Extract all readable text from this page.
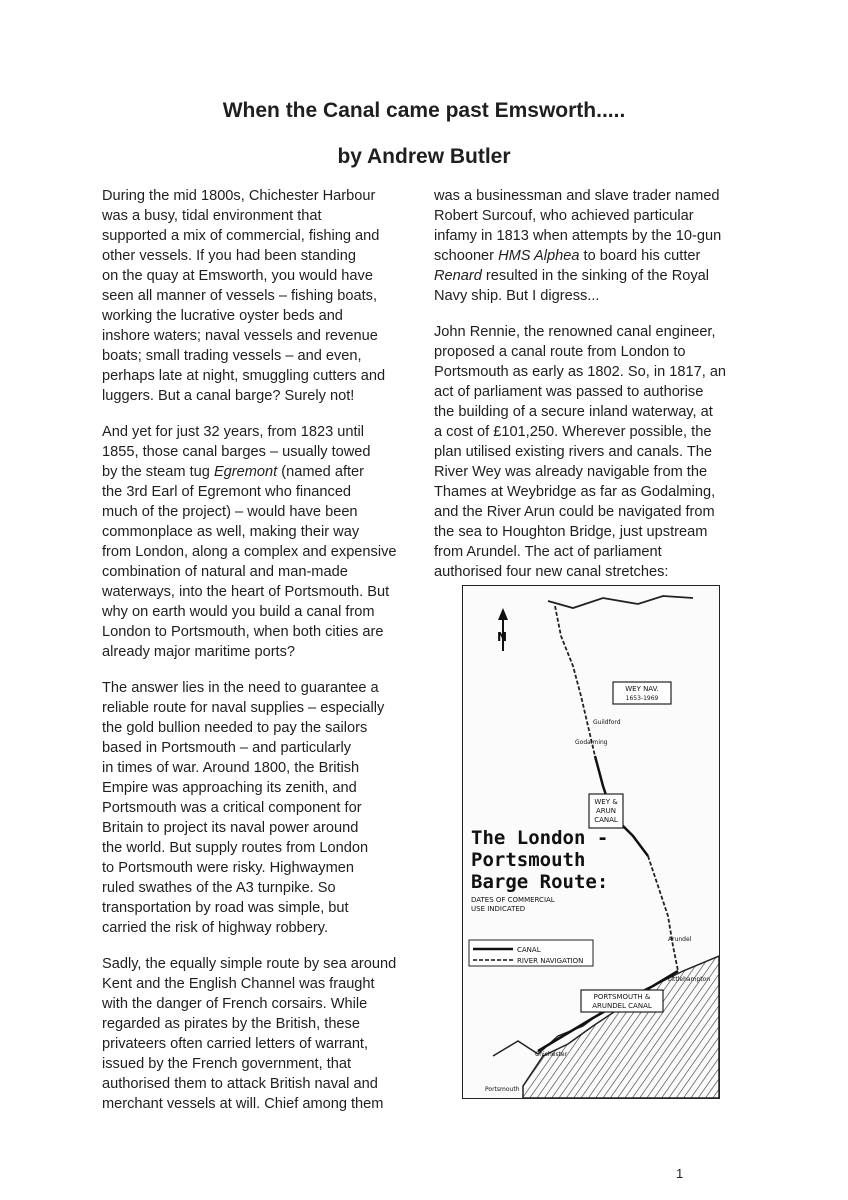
When the Canal came past Emsworth.....
by Andrew Butler

During the mid 1800s, Chichester Harbour
was a busy, tidal environment that
supported a mix of commercial, fishing and
other vessels. If you had been standing
on the quay at Emsworth, you would have
seen all manner of vessels – fishing boats,
working the lucrative oyster beds and
inshore waters; naval vessels and revenue
boats; small trading vessels – and even,
perhaps late at night, smuggling cutters and
luggers. But a canal barge? Surely not!

And yet for just 32 years, from 1823 until
1855, those canal barges – usually towed
by the steam tug Egremont (named after
the 3rd Earl of Egremont who financed
much of the project) – would have been
commonplace as well, making their way
from London, along a complex and expensive
combination of natural and man-made
waterways, into the heart of Portsmouth. But
why on earth would you build a canal from
London to Portsmouth, when both cities are
already major maritime ports?

The answer lies in the need to guarantee a
reliable route for naval supplies – especially
the gold bullion needed to pay the sailors
based in Portsmouth – and particularly
in times of war. Around 1800, the British
Empire was approaching its zenith, and
Portsmouth was a critical component for
Britain to project its naval power around
the world. But supply routes from London
to Portsmouth were risky. Highwaymen
ruled swathes of the A3 turnpike. So
transportation by road was simple, but
carried the risk of highway robbery.

Sadly, the equally simple route by sea around
Kent and the English Channel was fraught
with the danger of French corsairs. While
regarded as pirates by the British, these
privateers often carried letters of warrant,
issued by the French government, that
authorised them to attack British naval and
merchant vessels at will. Chief among them

was a businessman and slave trader named
Robert Surcouf, who achieved particular
infamy in 1813 when attempts by the 10-gun
schooner HMS Alphea to board his cutter
Renard resulted in the sinking of the Royal
Navy ship. But I digress...

John Rennie, the renowned canal engineer,
proposed a canal route from London to
Portsmouth as early as 1802. So, in 1817, an
act of parliament was passed to authorise
the building of a secure inland waterway, at
a cost of £101,250. Wherever possible, the
plan utilised existing rivers and canals. The
River Wey was already navigable from the
Thames at Weybridge as far as Godalming,
and the River Arun could be navigated from
the sea to Houghton Bridge, just upstream
from Arundel. The act of parliament
authorised four new canal stretches:

N
WEY NAV.
1653-1969
WEY &
ARUN
CANAL
The London -
Portsmouth
Barge Route:
DATES OF COMMERCIAL
USE INDICATED
CANAL
RIVER NAVIGATION
PORTSMOUTH &
ARUNDEL CANAL
Godalming
Guildford
Chichester
Arundel
Littlehampton
Portsmouth

1
